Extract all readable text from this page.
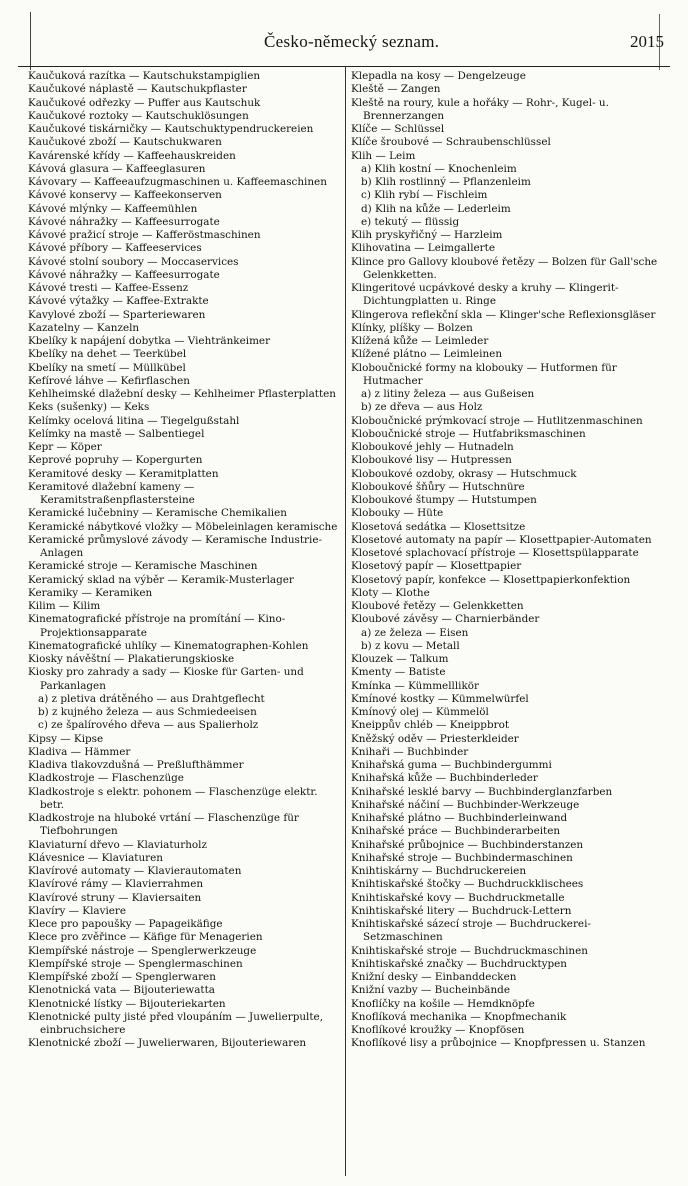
Česko-německý seznam.	2015

Kaučuková razítka — Kautschukstampiglien

Kaučukové náplastě — Kautschukpflaster

Kaučukové odřezky — Puffer aus Kautschuk

Kaučukové roztoky — Kautschuklösungen

Kaučukové tiskárničky — Kautschuktypendruckereien

Kaučukové zboží — Kautschukwaren

Kavárenské křídy — Kaffeehauskreiden

Kávová glasura — Kaffeeglasuren

Kávovary — Kaffeeaufzugmaschinen u. Kaffeemaschinen

Kávové konservy — Kaffeekonserven

Kávové mlýnky — Kaffeemühlen

Kávové náhražky — Kaffeesurrogate

Kávové pražicí stroje — Kafferöstmaschinen

Kávové příbory — Kaffeeservices

Kávové stolní soubory — Moccaservices

Kávové náhražky — Kaffeesurrogate

Kávové tresti — Kaffee-Essenz

Kávové výtažky — Kaffee-Extrakte

Kavylové zboží — Sparteriewaren

Kazatelny — Kanzeln

Kbelíky k napájení dobytka — Viehtränkeimer

Kbelíky na dehet — Teerkübel

Kbelíky na smetí — Müllkübel

Kefírové láhve — Kefirflaschen

Kehlheimské dlažební desky — Kehlheimer Pflasterplatten

Keks (sušenky) — Keks

Kelímky ocelová litina — Tiegelgußstahl

Kelímky na mastě — Salbentiegel

Kepr — Köper

Keprové popruhy — Kopergurten

Keramitové desky — Keramitplatten

Keramitové dlažební kameny — Keramitstraßenpflastersteine

Keramické lučebniny — Keramische Chemikalien

Keramické nábytkové vložky — Möbeleinlagen keramische

Keramické průmyslové závody — Keramische Industrie-Anlagen

Keramické stroje — Keramische Maschinen

Keramický sklad na výběr — Keramik-Musterlager

Keramiky — Keramiken

Kilim — Kilim

Kinematografické přístroje na promítání — Kino-Projektionsapparate

Kinematografické uhlíky — Kinematographen-Kohlen

Kiosky návěštní — Plakatierungskioske

Kiosky pro zahrady a sady — Kioske für Garten- und Parkanlagen

a) z pletiva drátěného — aus Drahtgeflecht

b) z kujného železa — aus Schmiedeeisen

c) ze špalírového dřeva — aus Spalierholz

Kipsy — Kipse

Kladiva — Hämmer

Kladiva tlakovzdušná — Preßlufthämmer

Kladkostroje — Flaschenzüge

Kladkostroje s elektr. pohonem — Flaschenzüge elektr. betr.

Kladkostroje na hluboké vrtání — Flaschenzüge für Tiefbohrungen

Klaviaturní dřevo — Klaviaturholz

Klávesnice — Klaviaturen

Klavírové automaty — Klavierautomaten

Klavírové rámy — Klavierrahmen

Klavírové struny — Klaviersaiten

Klavíry — Klaviere

Klece pro papoušky — Papageikäfige

Klece pro zvěřince — Käfige für Menagerien

Klempířské nástroje — Spenglerwerkzeuge

Klempířské stroje — Spenglermaschinen

Klempířské zboží — Spenglerwaren

Klenotnická vata — Bijouteriewatta

Klenotnické lístky — Bijouteriekarten

Klenotnické pulty jisté před vloupáním — Juwelierpulte, einbruchsichere

Klenotnické zboží — Juwelierwaren, Bijouteriewaren

Klepadla na kosy — Dengelzeuge

Kleště — Zangen

Kleště na roury, kule a hořáky — Rohr-, Kugel- u. Brennerzangen

Klíče — Schlüssel

Klíče šroubové — Schraubenschlüssel

Klih — Leim

a) Klih kostní — Knochenleim

b) Klih rostlinný — Pflanzenleim

c) Klih rybí — Fischleim

d) Klih na kůže — Lederleim

e) tekutý — flüssig

Klih pryskyřičný — Harzleim

Klihovatina — Leimgallerte

Klince pro Gallovy kloubové řetězy — Bolzen für Gall'sche Gelenkketten.

Klingeritové ucpávkové desky a kruhy — Klingerit-Dichtungplatten u. Ringe

Klingerova reflekční skla — Klinger'sche Reflexionsgläser

Klínky, plíšky — Bolzen

Klížená kůže — Leimleder

Klížené plátno — Leimleinen

Kloboučnické formy na klobouky — Hutformen für Hutmacher

a) z litiny železa — aus Gußeisen

b) ze dřeva — aus Holz

Kloboučnické prýmkovací stroje — Hutlitzenmaschinen

Kloboučnické stroje — Hutfabriksmaschinen

Kloboukové jehly — Hutnadeln

Kloboukové lisy — Hutpressen

Kloboukové ozdoby, okrasy — Hutschmuck

Kloboukové šňůry — Hutschnüre

Kloboukové štumpy — Hutstumpen

Klobouky — Hüte

Klosetová sedátka — Klosettsitze

Klosetové automaty na papír — Klosettpapier-Automaten

Klosetové splachovací přístroje — Klosettspülapparate

Klosetový papír — Klosettpapier

Klosetový papír, konfekce — Klosettpapierkonfektion

Kloty — Klothe

Kloubové řetězy — Gelenkketten

Kloubové závěsy — Charnierbänder

a) ze železa — Eisen

b) z kovu — Metall

Klouzek — Talkum

Kmenty — Batiste

Kmínka — Kümmelllikör

Kmínové kostky — Kümmelwürfel

Kmínový olej — Kümmelöl

Kneippův chléb — Kneippbrot

Kněžský oděv — Priesterkleider

Knihaři — Buchbinder

Knihařská guma — Buchbindergummi

Knihařská kůže — Buchbinderleder

Knihařské lesklé barvy — Buchbinderglanzfarben

Knihařské náčiní — Buchbinder-Werkzeuge

Knihařské plátno — Buchbinderleinwand

Knihařské práce — Buchbinderarbeiten

Knihařské průbojnice — Buchbinderstanzen

Knihařské stroje — Buchbindermaschinen

Knihtiskárny — Buchdruckereien

Knihtiskařské štočky — Buchdruckklischees

Knihtiskařské kovy — Buchdruckmetalle

Knihtiskařské litery — Buchdruck-Lettern

Knihtiskařské sázecí stroje — Buchdruckerei-Setzmaschinen

Knihtiskařské stroje — Buchdruckmaschinen

Knihtiskařské značky — Buchdrucktypen

Knižní desky — Einbanddecken

Knižní vazby — Bucheinbände

Knoflíčky na košile — Hemdknöpfe

Knoflíková mechanika — Knopfmechanik

Knoflíkové kroužky — Knopfösen

Knoflíkové lisy a průbojnice — Knopfpressen u. Stanzen
